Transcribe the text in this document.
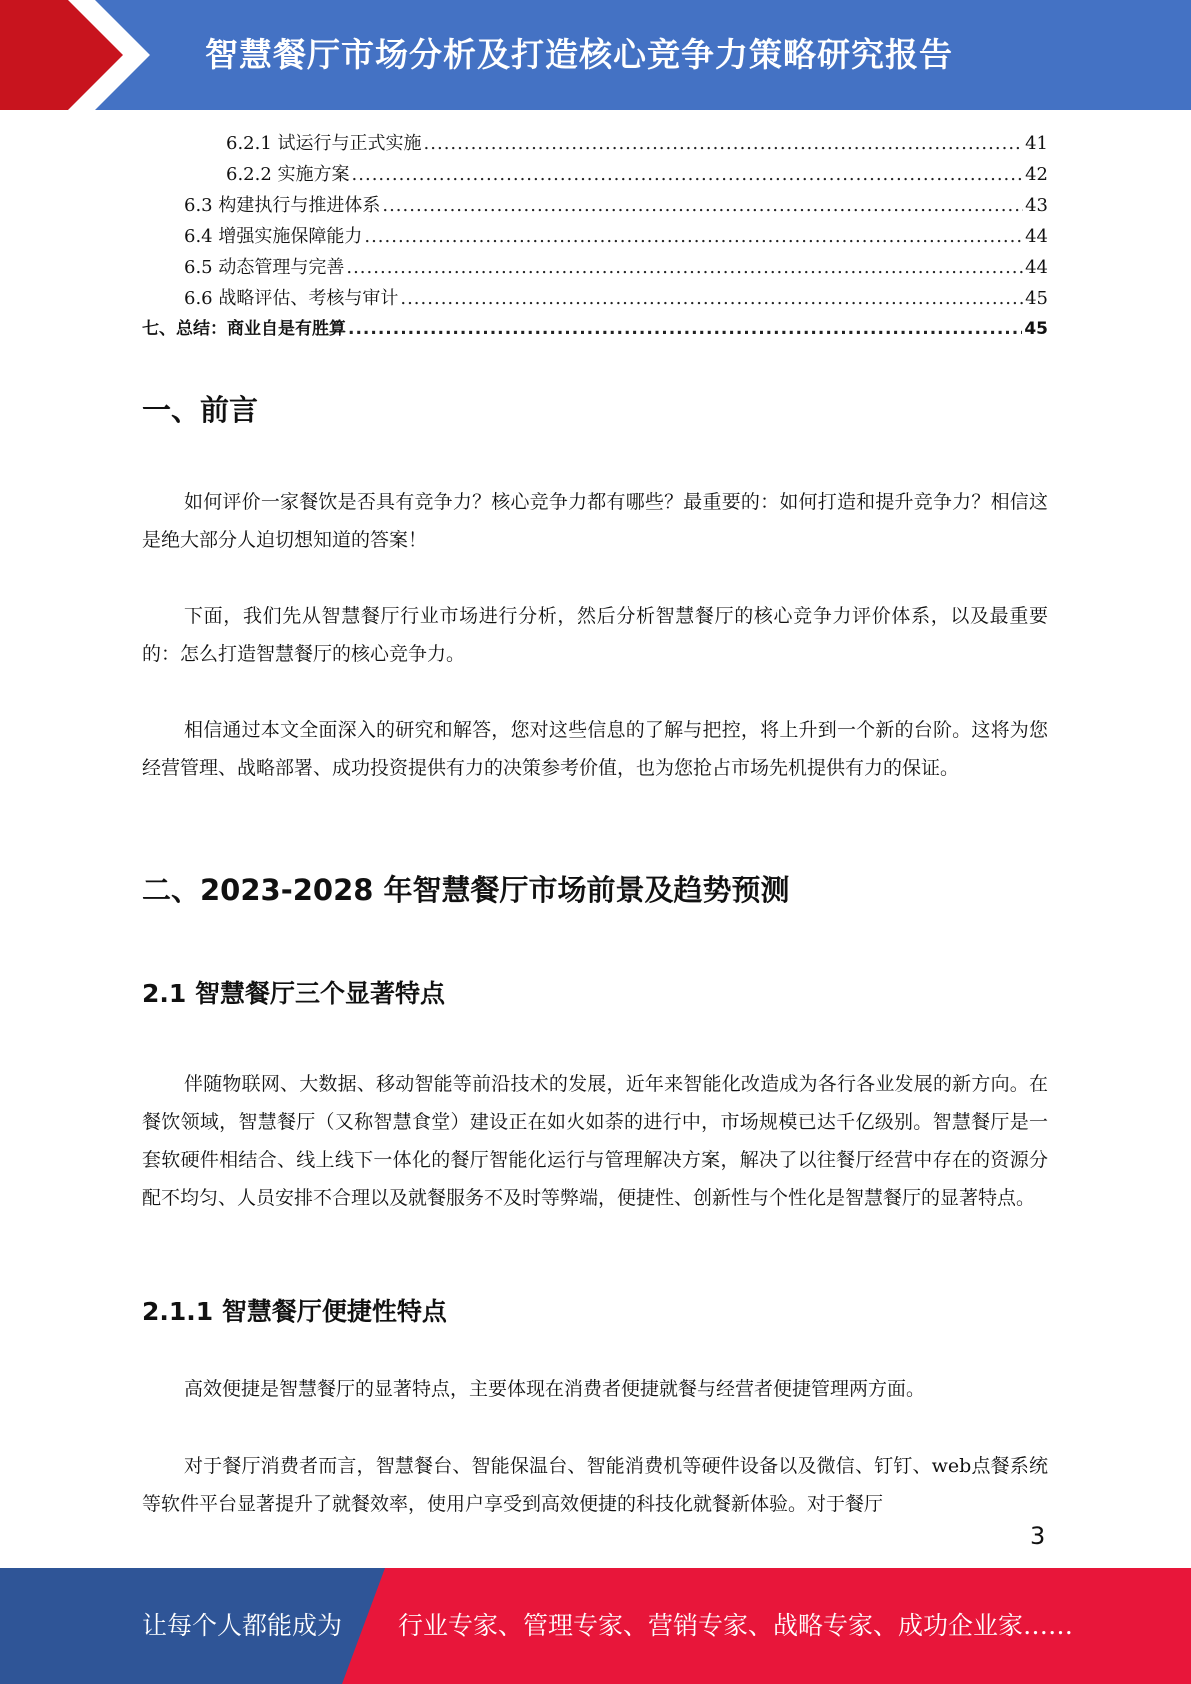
智慧餐厅市场分析及打造核心竞争力策略研究报告
6.2.1 试运行与正式实施 .....	41
6.2.2 实施方案 .....	42
6.3 构建执行与推进体系 .....	43
6.4 增强实施保障能力 .....	44
6.5 动态管理与完善 .....	44
6.6 战略评估、考核与审计 .....	45
七、总结：商业自是有胜算 .....	45
一、前言
如何评价一家餐饮是否具有竞争力？核心竞争力都有哪些？最重要的：如何打造和提升竞争力？相信这是绝大部分人迫切想知道的答案！
下面，我们先从智慧餐厅行业市场进行分析，然后分析智慧餐厅的核心竞争力评价体系，以及最重要的：怎么打造智慧餐厅的核心竞争力。
相信通过本文全面深入的研究和解答，您对这些信息的了解与把控，将上升到一个新的台阶。这将为您经营管理、战略部署、成功投资提供有力的决策参考价值，也为您抢占市场先机提供有力的保证。
二、2023-2028 年智慧餐厅市场前景及趋势预测
2.1 智慧餐厅三个显著特点
伴随物联网、大数据、移动智能等前沿技术的发展，近年来智能化改造成为各行各业发展的新方向。在餐饮领域，智慧餐厅（又称智慧食堂）建设正在如火如荼的进行中，市场规模已达千亿级别。智慧餐厅是一套软硬件相结合、线上线下一体化的餐厅智能化运行与管理解决方案，解决了以往餐厅经营中存在的资源分配不均匀、人员安排不合理以及就餐服务不及时等弊端，便捷性、创新性与个性化是智慧餐厅的显著特点。
2.1.1 智慧餐厅便捷性特点
高效便捷是智慧餐厅的显著特点，主要体现在消费者便捷就餐与经营者便捷管理两方面。
对于餐厅消费者而言，智慧餐台、智能保温台、智能消费机等硬件设备以及微信、钉钉、web点餐系统等软件平台显著提升了就餐效率，使用户享受到高效便捷的科技化就餐新体验。对于餐厅
3
让每个人都能成为 行业专家、管理专家、营销专家、战略专家、成功企业家……
